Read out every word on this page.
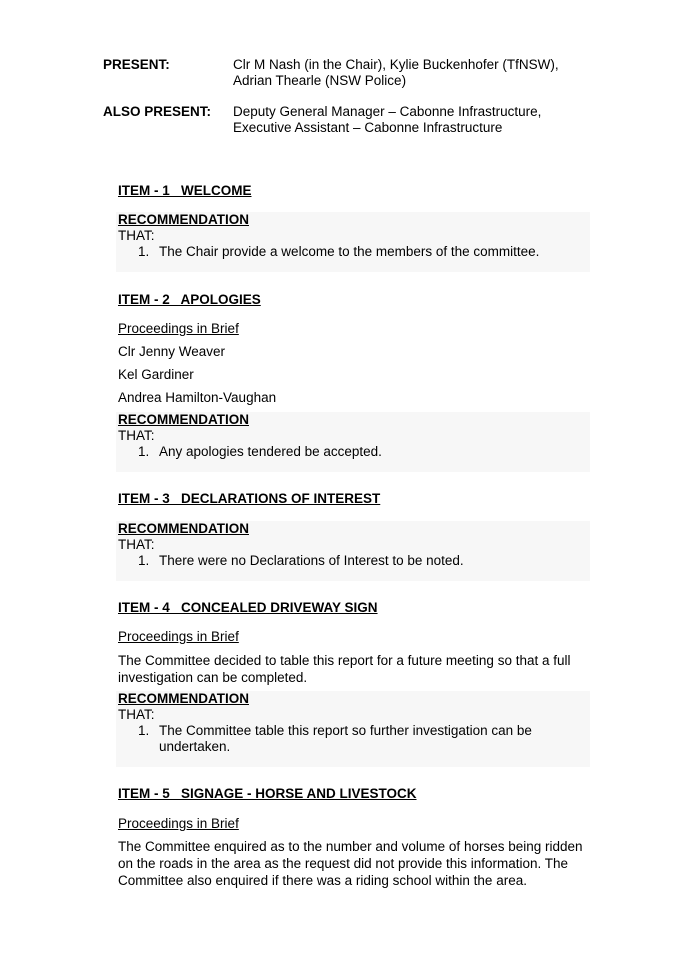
PRESENT:	Clr M Nash (in the Chair), Kylie Buckenhofer (TfNSW),
Adrian Thearle (NSW Police)
ALSO PRESENT: Deputy General Manager – Cabonne Infrastructure,
Executive Assistant – Cabonne Infrastructure
ITEM - 1   WELCOME
RECOMMENDATION
THAT:
1. The Chair provide a welcome to the members of the committee.
ITEM - 2   APOLOGIES
Proceedings in Brief
Clr Jenny Weaver
Kel Gardiner
Andrea Hamilton-Vaughan
RECOMMENDATION
THAT:
1. Any apologies tendered be accepted.
ITEM - 3   DECLARATIONS OF INTEREST
RECOMMENDATION
THAT:
1. There were no Declarations of Interest to be noted.
ITEM - 4   CONCEALED DRIVEWAY SIGN
Proceedings in Brief
The Committee decided to table this report for a future meeting so that a full
investigation can be completed.
RECOMMENDATION
THAT:
1. The Committee table this report so further investigation can be
undertaken.
ITEM - 5   SIGNAGE - HORSE AND LIVESTOCK
Proceedings in Brief
The Committee enquired as to the number and volume of horses being ridden
on the roads in the area as the request did not provide this information. The
Committee also enquired if there was a riding school within the area.
